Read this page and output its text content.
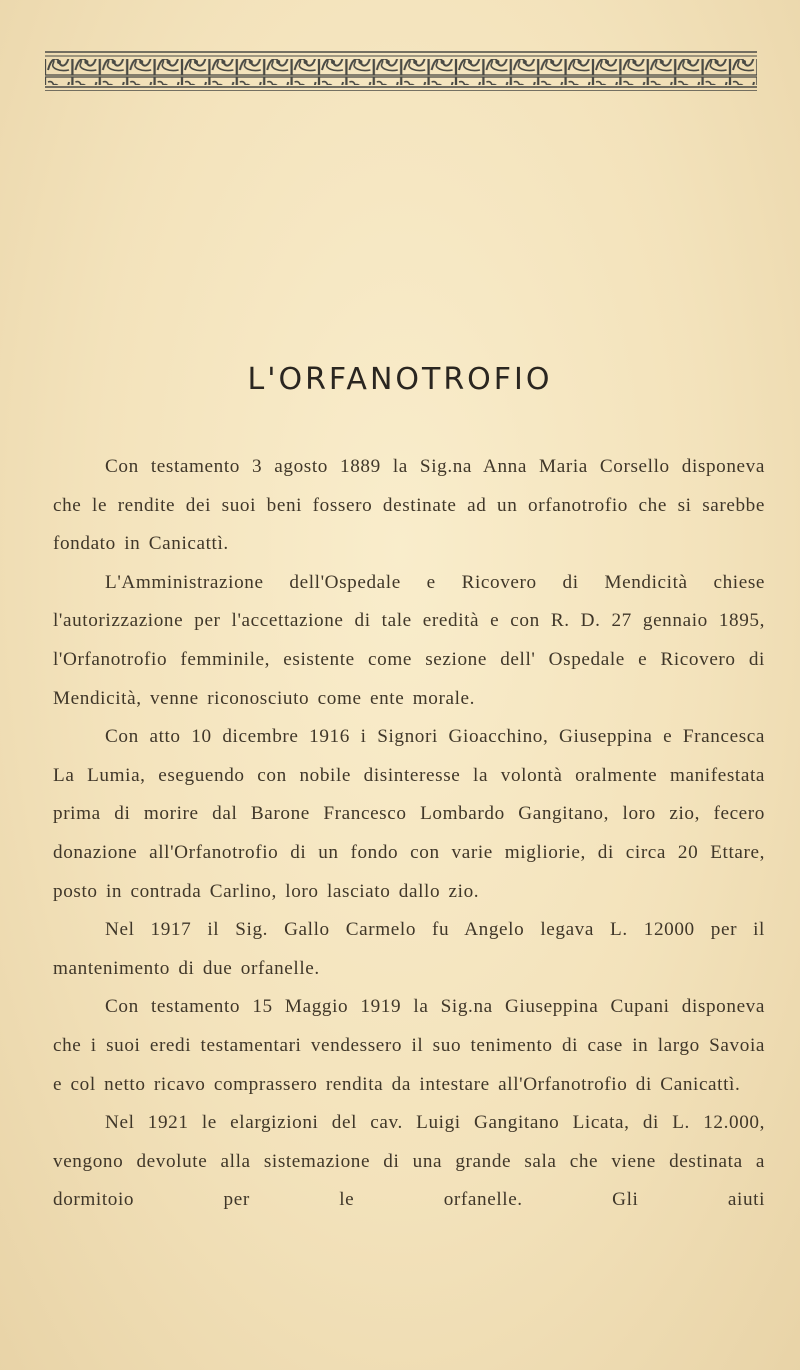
L'ORFANOTROFIO

Con testamento 3 agosto 1889 la Sig.na Anna Maria Corsello disponeva che le rendite dei suoi beni fossero destinate ad un orfanotrofio che si sarebbe fondato in Canicattì.

L'Amministrazione dell'Ospedale e Ricovero di Mendicità chiese l'autorizzazione per l'accettazione di tale eredità e con R. D. 27 gennaio 1895, l'Orfanotrofio femminile, esistente come sezione dell' Ospedale e Ricovero di Mendicità, venne riconosciuto come ente morale.

Con atto 10 dicembre 1916 i Signori Gioacchino, Giuseppina e Francesca La Lumia, eseguendo con nobile disinteresse la volontà oralmente manifestata prima di morire dal Barone Francesco Lombardo Gangitano, loro zio, fecero donazione all'Orfanotrofio di un fondo con varie migliorie, di circa 20 Ettare, posto in contrada Carlino, loro lasciato dallo zio.

Nel 1917 il Sig. Gallo Carmelo fu Angelo legava L. 12000 per il mantenimento di due orfanelle.

Con testamento 15 Maggio 1919 la Sig.na Giuseppina Cupani disponeva che i suoi eredi testamentari vendessero il suo tenimento di case in largo Savoia e col netto ricavo comprassero rendita da intestare all'Orfanotrofio di Canicattì.

Nel 1921 le elargizioni del cav. Luigi Gangitano Licata, di L. 12.000, vengono devolute alla sistemazione di una grande sala che viene destinata a dormitoio per le orfanelle. Gli aiuti
